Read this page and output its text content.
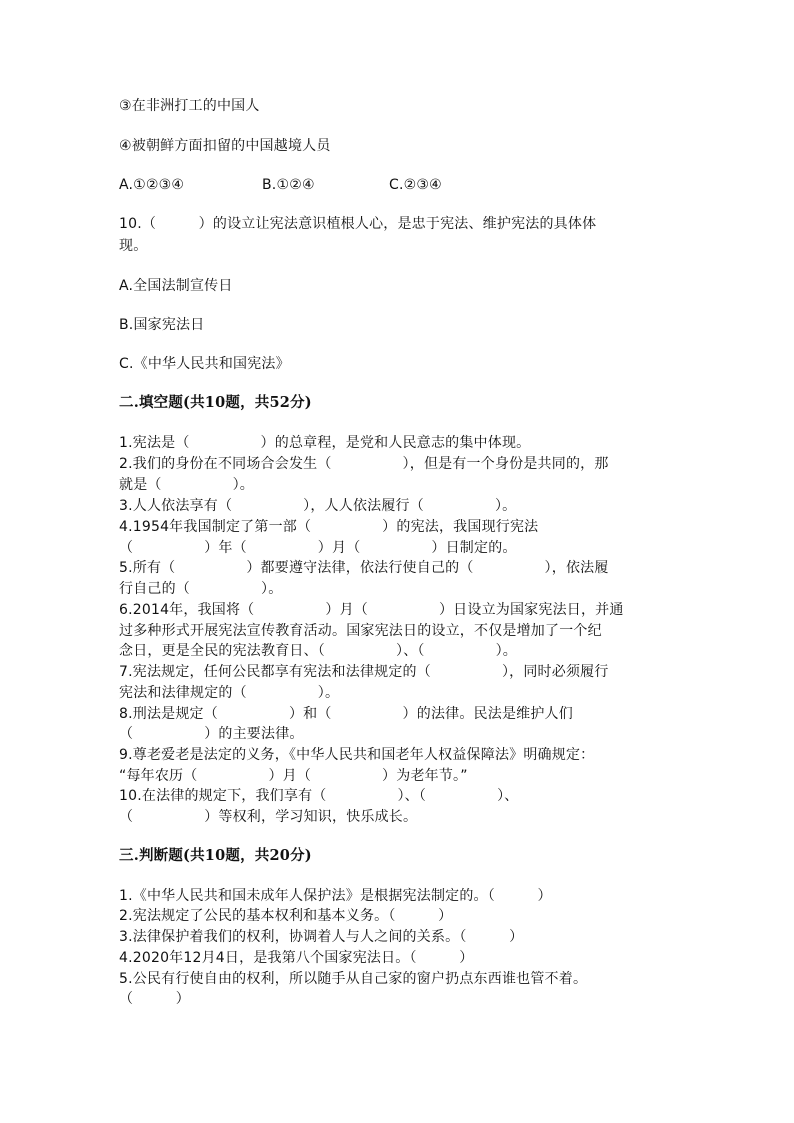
③在非洲打工的中国人
④被朝鲜方面扣留的中国越境人员
A.①②③④	B.①②④	C.②③④
10.（　　　）的设立让宪法意识植根人心，是忠于宪法、维护宪法的具体体
现。
A.全国法制宣传日
B.国家宪法日
C.《中华人民共和国宪法》
二.填空题(共10题，共52分)
1.宪法是（　　　　　）的总章程，是党和人民意志的集中体现。
2.我们的身份在不同场合会发生（　　　　　），但是有一个身份是共同的，那
就是（　　　　　）。
3.人人依法享有（　　　　　），人人依法履行（　　　　　）。
4.1954年我国制定了第一部（　　　　　）的宪法，我国现行宪法
（　　　　　）年（　　　　　）月（　　　　　）日制定的。
5.所有（　　　　　）都要遵守法律，依法行使自己的（　　　　　），依法履
行自己的（　　　　　）。
6.2014年，我国将（　　　　　）月（　　　　　）日设立为国家宪法日，并通
过多种形式开展宪法宣传教育活动。国家宪法日的设立，不仅是增加了一个纪
念日，更是全民的宪法教育日、（　　　　　）、（　　　　　）。
7.宪法规定，任何公民都享有宪法和法律规定的（　　　　　），同时必须履行
宪法和法律规定的（　　　　　）。
8.刑法是规定（　　　　　）和（　　　　　）的法律。民法是维护人们
（　　　　　）的主要法律。
9.尊老爱老是法定的义务，《中华人民共和国老年人权益保障法》明确规定：
“每年农历（　　　　　）月（　　　　　）为老年节。”
10.在法律的规定下，我们享有（　　　　　）、（　　　　　）、
（　　　　　）等权利，学习知识，快乐成长。
三.判断题(共10题，共20分)
1.《中华人民共和国未成年人保护法》是根据宪法制定的。（　　　）
2.宪法规定了公民的基本权利和基本义务。（　　　）
3.法律保护着我们的权利，协调着人与人之间的关系。（　　　）
4.2020年12月4日，是我第八个国家宪法日。（　　　）
5.公民有行使自由的权利，所以随手从自己家的窗户扔点东西谁也管不着。
（　　　）
